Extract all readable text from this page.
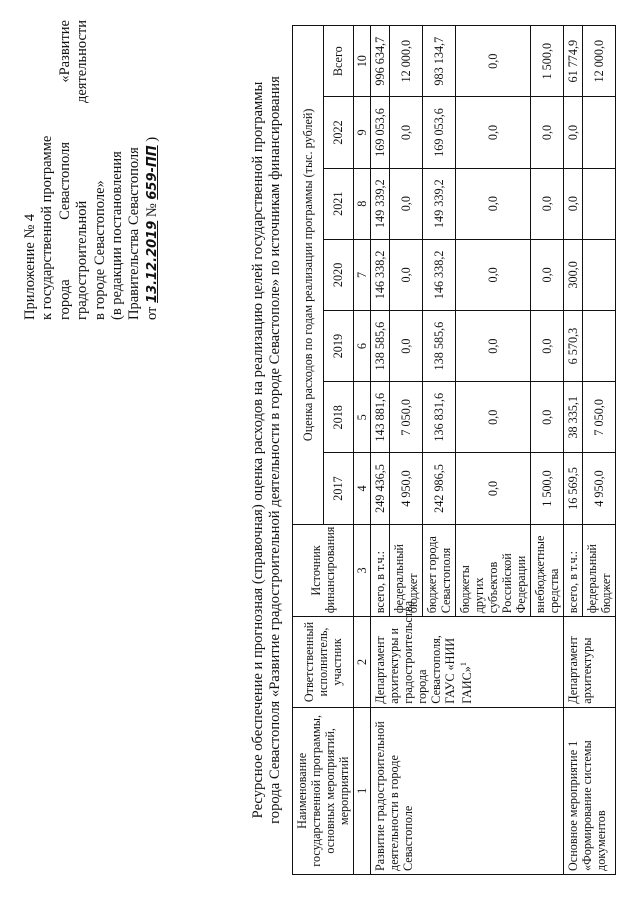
Приложение № 4 к государственной программе города
Севастополя
«Развитие
градостроительной
деятельности
в городе Севастополе» (в редакции постановления Правительства Севастополя от 13.12.2019 № 659-ПП )	Ресурсное обеспечение и прогнозная (справочная) оценка расходов на реализацию целей государственной программы города Севастополя «Развитие градостроительной деятельности в городе Севастополе» по источникам финансирования Наименование государственной программы, основных мероприятий, мероприятий	Ответственный исполнитель, участник	Источник финансирования	Оценка расходов по годам реализации программы (тыс. рублей)						
			2017	2018	2019	2020	2021	2022	Всего
1	2	3	4	5	6	7	8	9	10
Развитие градостроительной деятельности в городе Севастополе	Департамент архитектуры и градостроительства города Севастополя, ГАУС «НИИ ГАИС»$^1$	всего, в т.ч.:	249 436,5	143 881,6	138 585,6	146 338,2	149 339,2	169 053,6	996 634,7
		федеральный бюджет	4 950,0	7 050,0	0,0	0,0	0,0	0,0	12 000,0
		бюджет города Севастополя	242 986,5	136 831,6	138 585,6	146 338,2	149 339,2	169 053,6	983 134,7
		бюджеты других субъектов Российской Федерации	0,0	0,0	0,0	0,0	0,0	0,0	0,0
		внебюджетные средства	1 500,0	0,0	0,0	0,0	0,0	0,0	1 500,0
Основное мероприятие 1 «Формирование системы документов	Департамент архитектуры	всего, в т.ч.:	16 569,5	38 335,1	6 570,3	300,0	0,0	0,0	61 774,9
		федеральный бюджет	4 950,0	7 050,0					12 000,0
